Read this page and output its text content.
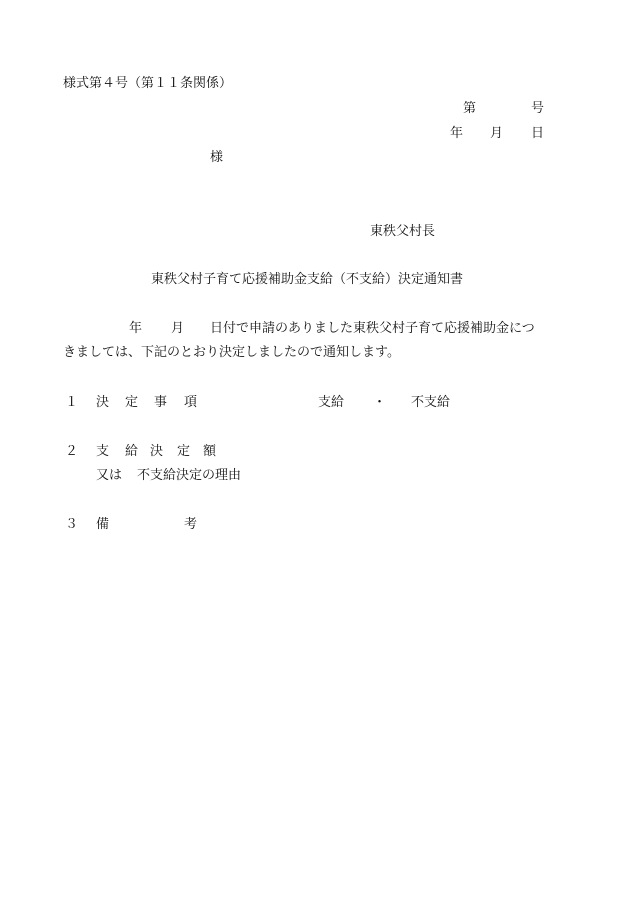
様式第４号（第１１条関係）
第	号
年 月 日
様
東秩父村長
東秩父村子育て応援補助金支給（不支給）決定通知書
年 月 日付で申請のありました東秩父村子育て応援補助金につ
きましては、下記のとおり決定しましたので通知します。
１ 決 定 事 項	支給 ・ 不支給
２ 支 給 決 定 額
又は 不支給決定の理由
３ 備	考
